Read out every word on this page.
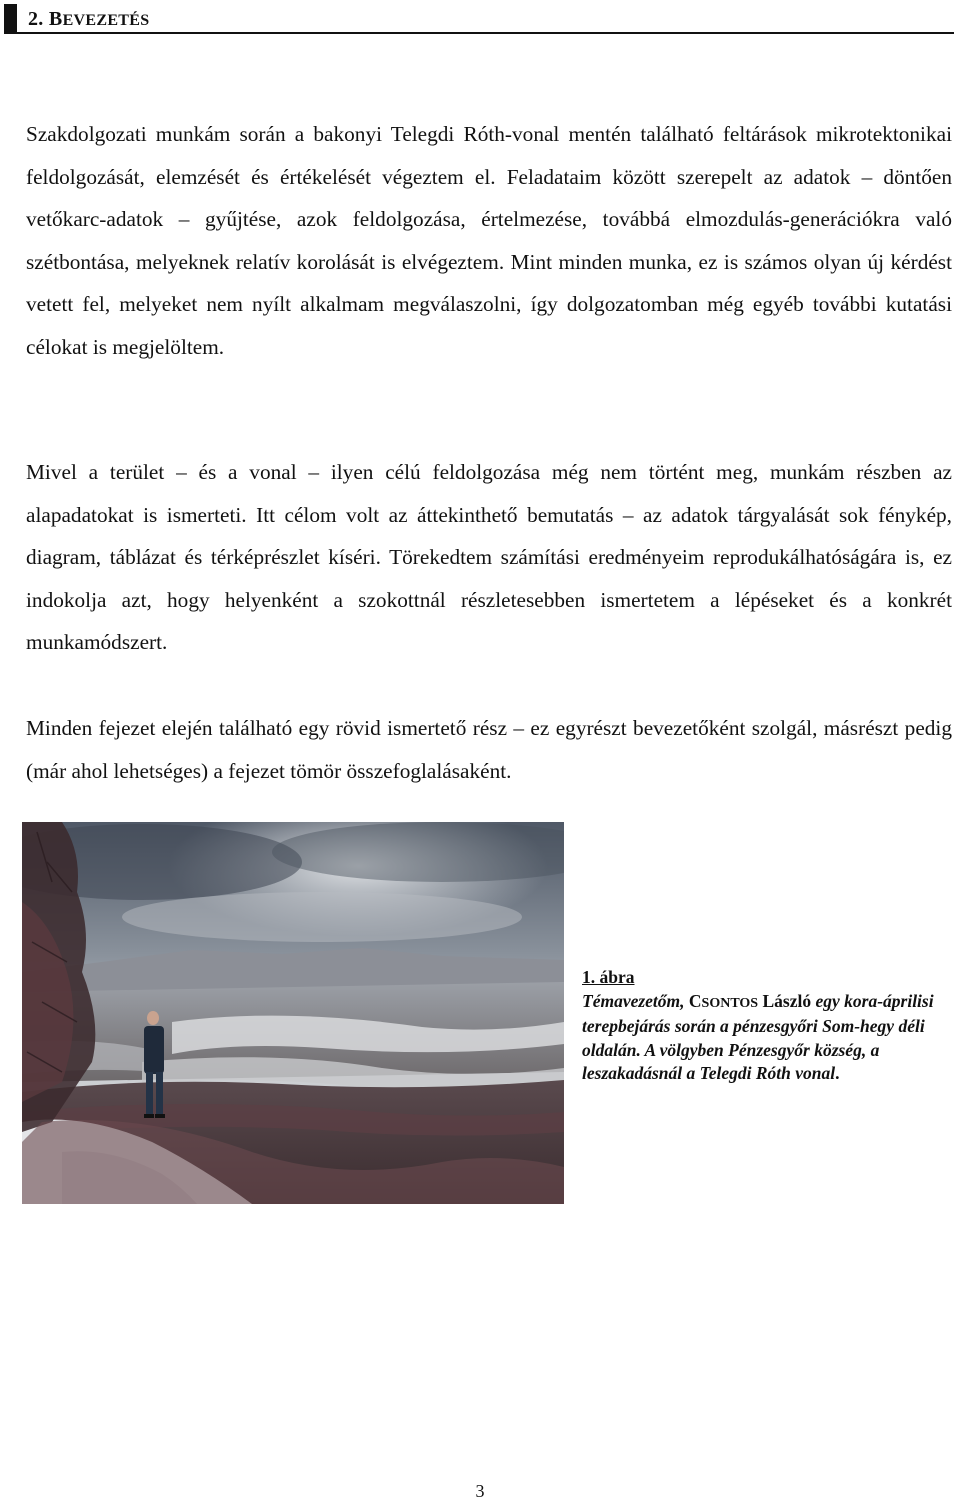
2. BEVEZETÉS

Szakdolgozati munkám során a bakonyi Telegdi Róth-vonal mentén található feltárások mikrotektonikai feldolgozását, elemzését és értékelését végeztem el. Feladataim között szerepelt az adatok – döntően vetőkarc-adatok – gyűjtése, azok feldolgozása, értelmezése, továbbá elmozdulás-generációkra való szétbontása, melyeknek relatív korolását is elvégeztem. Mint minden munka, ez is számos olyan új kérdést vetett fel, melyeket nem nyílt alkalmam megválaszolni, így dolgozatomban még egyéb további kutatási célokat is megjelöltem.

Mivel a terület – és a vonal – ilyen célú feldolgozása még nem történt meg, munkám részben az alapadatokat is ismerteti. Itt célom volt az áttekinthető bemutatás – az adatok tárgyalását sok fénykép, diagram, táblázat és térképrészlet kíséri. Törekedtem számítási eredményeim reprodukálhatóságára is, ez indokolja azt, hogy helyenként a szokottnál részletesebben ismertetem a lépéseket és a konkrét munkamódszert.

Minden fejezet elején található egy rövid ismertető rész – ez egyrészt bevezetőként szolgál, másrészt pedig (már ahol lehetséges) a fejezet tömör összefoglalásaként.

1. ábra
Témavezetőm, CSONTOS László egy kora-áprilisi terepbejárás során a pénzesgyőri Som-hegy déli oldalán. A völgyben Pénzesgyőr község, a leszakadásnál a Telegdi Róth vonal.
3
